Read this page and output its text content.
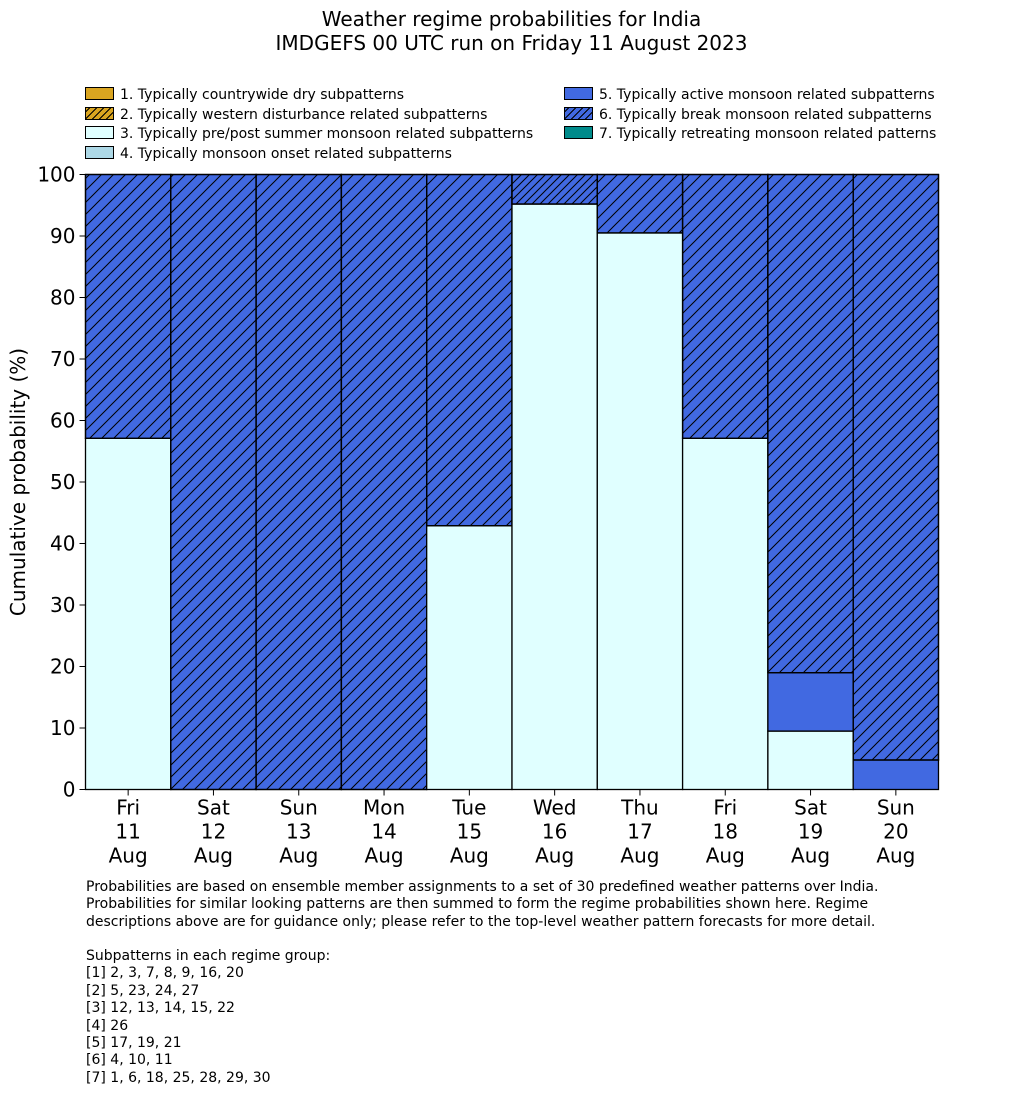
Weather regime probabilities for India
IMDGEFS 00 UTC run on Friday 11 August 2023
1. Typically countrywide dry subpatterns
2. Typically western disturbance related subpatterns
3. Typically pre/post summer monsoon related subpatterns
4. Typically monsoon onset related subpatterns
5. Typically active monsoon related subpatterns
6. Typically break monsoon related subpatterns
7. Typically retreating monsoon related patterns
0
10
20
30
40
50
60
70
80
90
100
Fri
11
Aug
Sat
12
Aug
Sun
13
Aug
Mon
14
Aug
Tue
15
Aug
Wed
16
Aug
Thu
17
Aug
Fri
18
Aug
Sat
19
Aug
Sun
20
Aug
Cumulative probability (%)
Probabilities are based on ensemble member assignments to a set of 30 predefined weather patterns over India.
Probabilities for similar looking patterns are then summed to form the regime probabilities shown here. Regime
descriptions above are for guidance only; please refer to the top-level weather pattern forecasts for more detail.
Subpatterns in each regime group:
[1] 2, 3, 7, 8, 9, 16, 20
[2] 5, 23, 24, 27
[3] 12, 13, 14, 15, 22
[4] 26
[5] 17, 19, 21
[6] 4, 10, 11
[7] 1, 6, 18, 25, 28, 29, 30
